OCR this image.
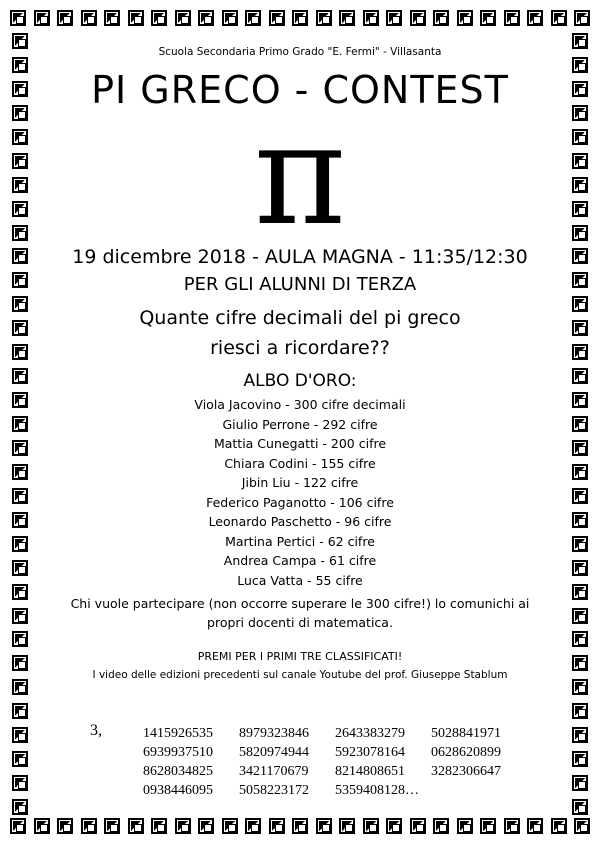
Scuola Secondaria Primo Grado "E. Fermi" - Villasanta
PI GRECO - CONTEST
π
19 dicembre 2018 - AULA MAGNA - 11:35/12:30
PER GLI ALUNNI DI TERZA
Quante cifre decimali del pi greco
riesci a ricordare??
ALBO D'ORO:
Viola Jacovino - 300 cifre decimali
Giulio Perrone - 292 cifre
Mattia Cunegatti - 200 cifre
Chiara Codini - 155 cifre
Jibin Liu - 122 cifre
Federico Paganotto - 106 cifre
Leonardo Paschetto - 96 cifre
Martina Pertici - 62 cifre
Andrea Campa - 61 cifre
Luca Vatta - 55 cifre
Chi vuole partecipare (non occorre superare le 300 cifre!) lo comunichi ai
propri docenti di matematica.
PREMI PER I PRIMI TRE CLASSIFICATI!
I video delle edizioni precedenti sul canale Youtube del prof. Giuseppe Stablum
3,	1415926535	8979323846	2643383279	5028841971
6939937510	5820974944	5923078164	0628620899
8628034825	3421170679	8214808651	3282306647
0938446095	5058223172	5359408128…
